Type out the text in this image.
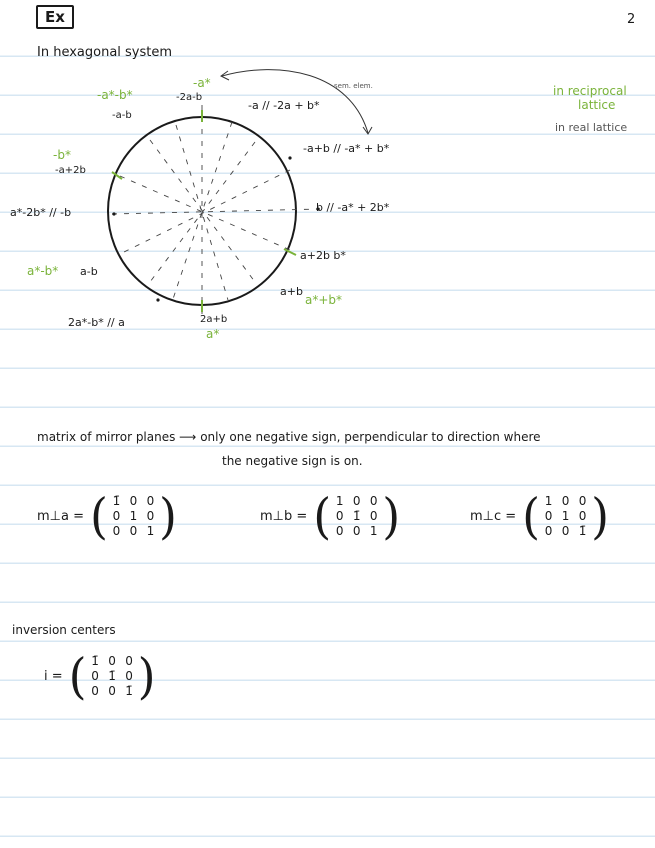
Ex	2
In hexagonal system
in reciprocal
lattice
in real lattice
-a*
-2a-b
-a*-b*
-a-b
sem. elem.
-a // -2a + b*
-a+b // -a* + b*
-b*
-a+2b
b // -a* + 2b*
a*-2b* // -b
a+2b b*
a*-b* a-b
a+b
a*+b*
2a*-b* // a	2a+b
a*
matrix of mirror planes ⟶ only one negative sign, perpendicular to direction where
the negative sign is on.
m⊥a = ( 1̄ 0 0
0 1 0
0 0 1 )	m⊥b = ( 1 0 0
0 1̄ 0
0 0 1 )	m⊥c = ( 1 0 0
0 1 0
0 0 1̄ )
inversion centers
i = ( 1̄ 0 0
0 1̄ 0
0 0 1̄ )
